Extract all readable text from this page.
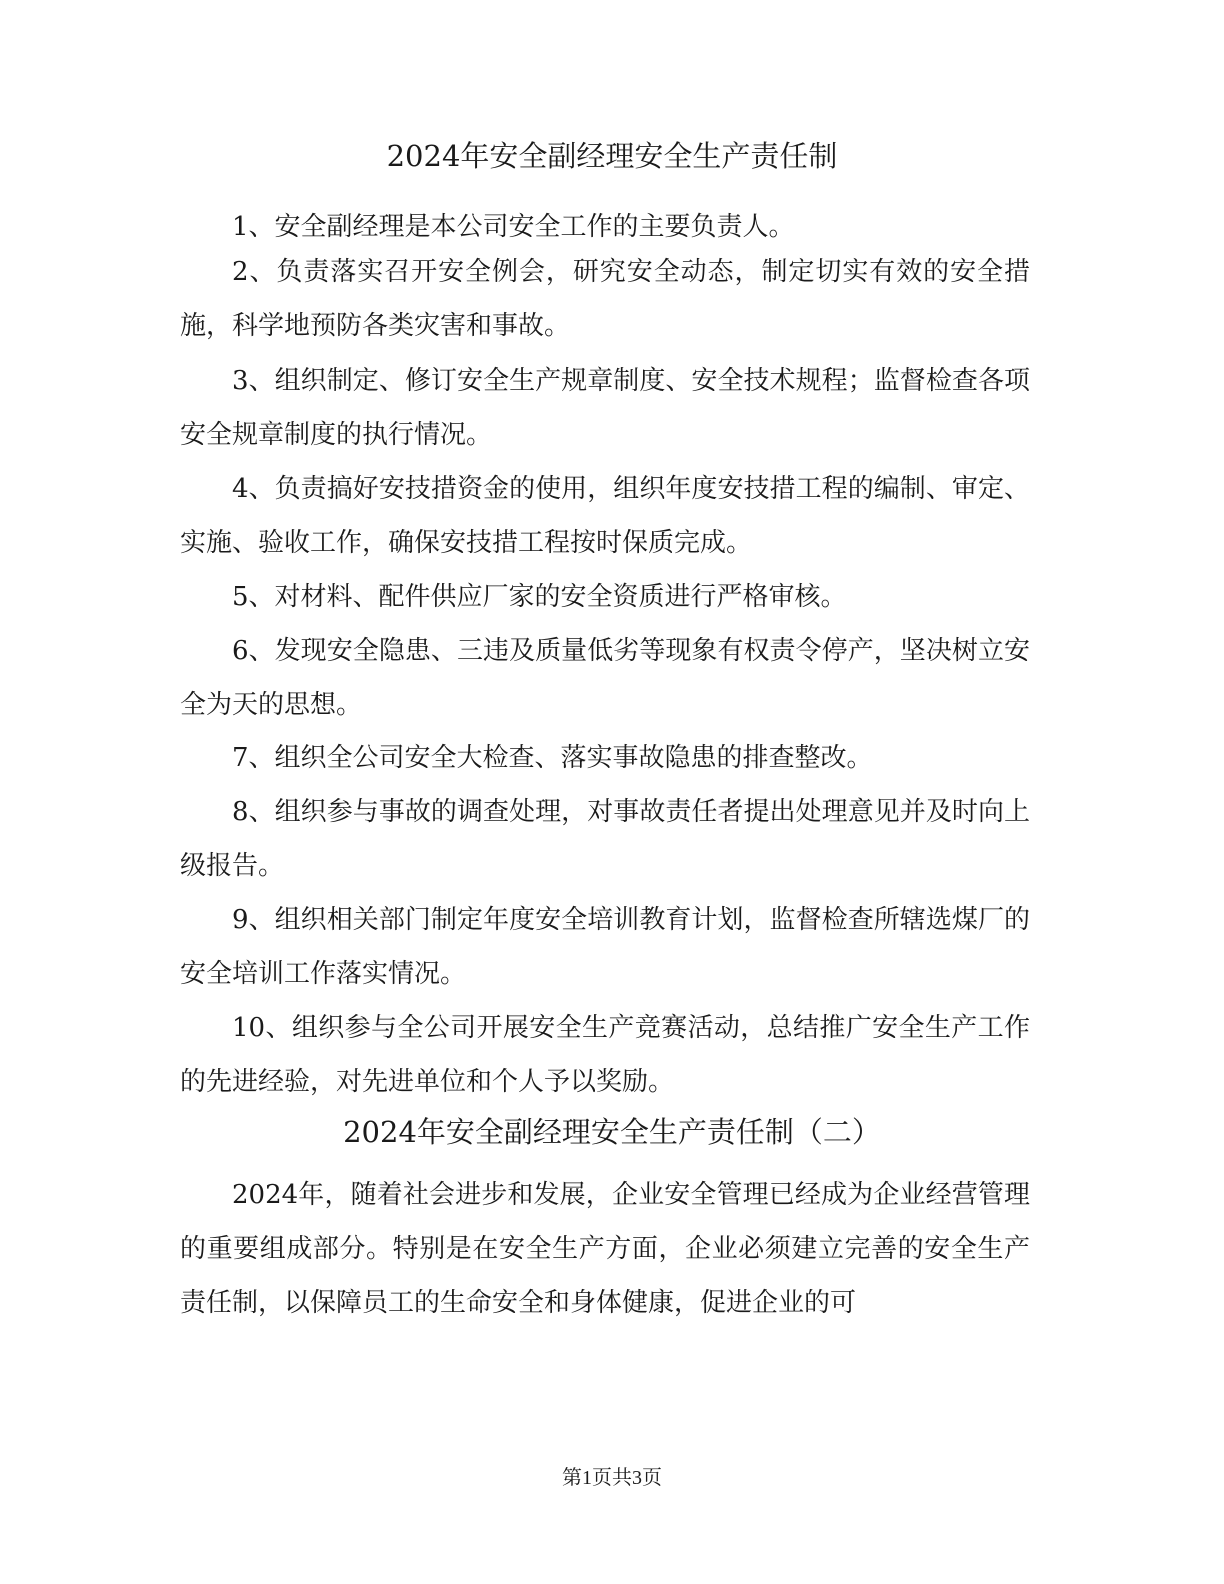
2024年安全副经理安全生产责任制

1、安全副经理是本公司安全工作的主要负责人。

2、负责落实召开安全例会，研究安全动态，制定切实有效的安全措施，科学地预防各类灾害和事故。

3、组织制定、修订安全生产规章制度、安全技术规程；监督检查各项安全规章制度的执行情况。

4、负责搞好安技措资金的使用，组织年度安技措工程的编制、审定、实施、验收工作，确保安技措工程按时保质完成。

5、对材料、配件供应厂家的安全资质进行严格审核。

6、发现安全隐患、三违及质量低劣等现象有权责令停产，坚决树立安全为天的思想。

7、组织全公司安全大检查、落实事故隐患的排查整改。

8、组织参与事故的调查处理，对事故责任者提出处理意见并及时向上级报告。

9、组织相关部门制定年度安全培训教育计划，监督检查所辖选煤厂的安全培训工作落实情况。

10、组织参与全公司开展安全生产竞赛活动，总结推广安全生产工作的先进经验，对先进单位和个人予以奖励。

2024年安全副经理安全生产责任制（二）

2024年，随着社会进步和发展，企业安全管理已经成为企业经营管理的重要组成部分。特别是在安全生产方面，企业必须建立完善的安全生产责任制，以保障员工的生命安全和身体健康，促进企业的可

第1页共3页
